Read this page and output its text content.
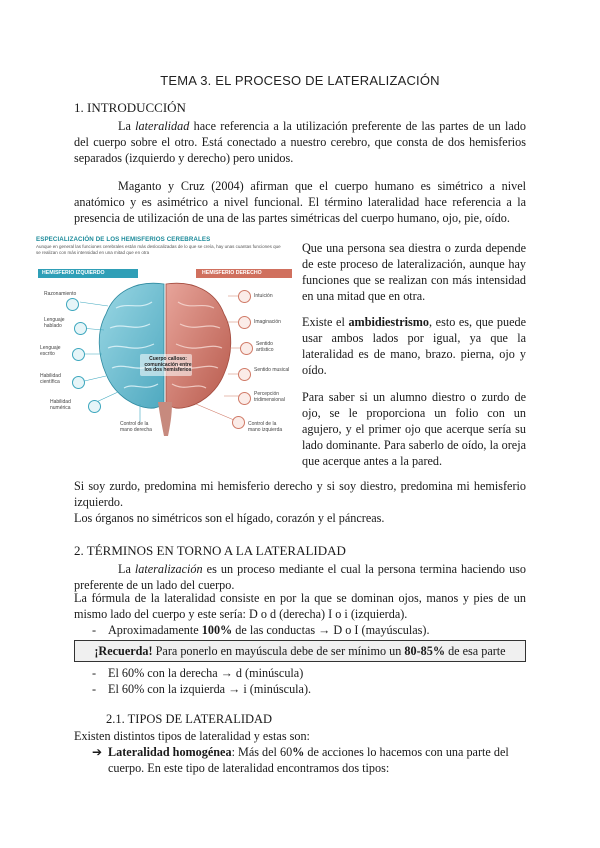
TEMA 3. EL PROCESO DE LATERALIZACIÓN
1. INTRODUCCIÓN
La lateralidad hace referencia a la utilización preferente de las partes de un lado del cuerpo sobre el otro. Está conectado a nuestro cerebro, que consta de dos hemisferios separados (izquierdo y derecho) pero unidos.
Maganto y Cruz (2004) afirman que el cuerpo humano es simétrico a nivel anatómico y es asimétrico a nivel funcional. El término lateralidad hace referencia a la presencia de utilización de una de las partes simétricas del cuerpo humano, ojo, pie, oído.
ESPECIALIZACIÓN DE LOS HEMISFERIOS CEREBRALES
Aunque en general las funciones cerebrales están más deslocalizadas de lo que se creía, hay unas cuantas funciones que se realizan con más intensidad en una mitad que en otra
HEMISFERIO IZQUIERDO	HEMISFERIO DERECHO
Cuerpo calloso: comunicación entre los dos hemisferios
Razonamiento
Lenguaje hablado
Lenguaje escrito
Habilidad científica
Habilidad numérica
Control de la mano derecha
Intuición
Imaginación
Sentido artístico
Sentido musical
Percepción tridimensional
Control de la mano izquierda
Que una persona sea diestra o zurda depende de este proceso de lateralización, aunque hay funciones que se realizan con más intensidad en una mitad que en otra.
Existe el ambidiestrismo, esto es, que puede usar ambos lados por igual, ya que la lateralidad es de mano, brazo. pierna, ojo y oído.
Para saber si un alumno diestro o zurdo de ojo, se le proporciona un folio con un agujero, y el primer ojo que acerque sería su lado dominante. Para saberlo de oído, la oreja que acerque antes a la pared.
Si soy zurdo, predomina mi hemisferio derecho y si soy diestro, predomina mi hemisferio izquierdo.
Los órganos no simétricos son el hígado, corazón y el páncreas.
2. TÉRMINOS EN TORNO A LA LATERALIDAD
La lateralización es un proceso mediante el cual la persona termina haciendo uso preferente de un lado del cuerpo.
La fórmula de la lateralidad consiste en por la que se dominan ojos, manos y pies de un mismo lado del cuerpo y este sería: D o d (derecha) I o i (izquierda).
- Aproximadamente 100% de las conductas → D o I (mayúsculas).
¡Recuerda! Para ponerlo en mayúscula debe de ser mínimo un 80-85% de esa parte
- El 60% con la derecha → d (minúscula)
- El 60% con la izquierda → i (minúscula).
2.1. TIPOS DE LATERALIDAD
Existen distintos tipos de lateralidad y estas son:
➔ Lateralidad homogénea: Más del 60% de acciones lo hacemos con una parte del
cuerpo. En este tipo de lateralidad encontramos dos tipos:
